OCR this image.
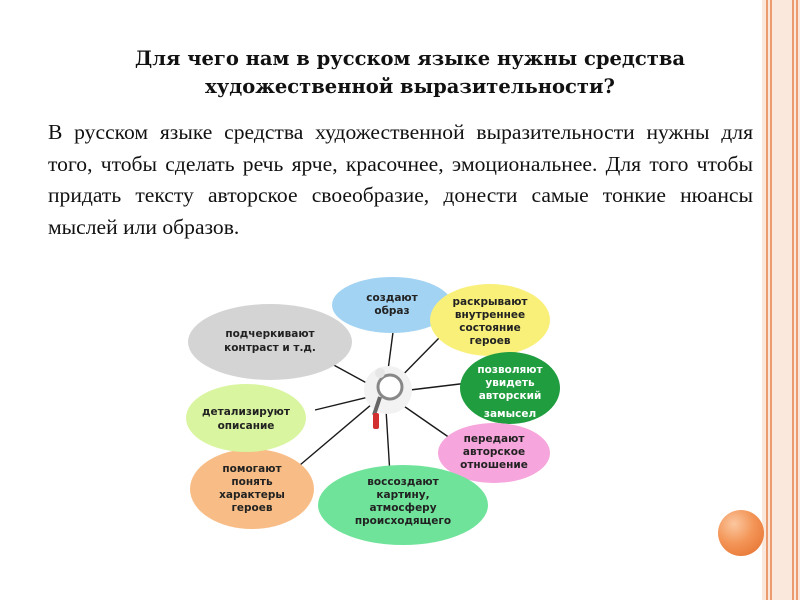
Для чего нам в русском языке нужны средства
художественной выразительности?
В русском языке средства художественной выразительности нужны для того, чтобы сделать речь ярче, красочнее, эмоциональнее. Для того чтобы придать тексту авторское своеобразие, донести самые тонкие нюансы мыслей или образов.
создают
образ
раскрывают
внутреннее
состояние
героев
позволяют
увидеть
авторский
замысел
передают
авторское
отношение
воссоздают
картину,
атмосферу
происходящего
помогают
понять
характеры
героев
детализируют
описание
подчеркивают
контраст и т.д.
